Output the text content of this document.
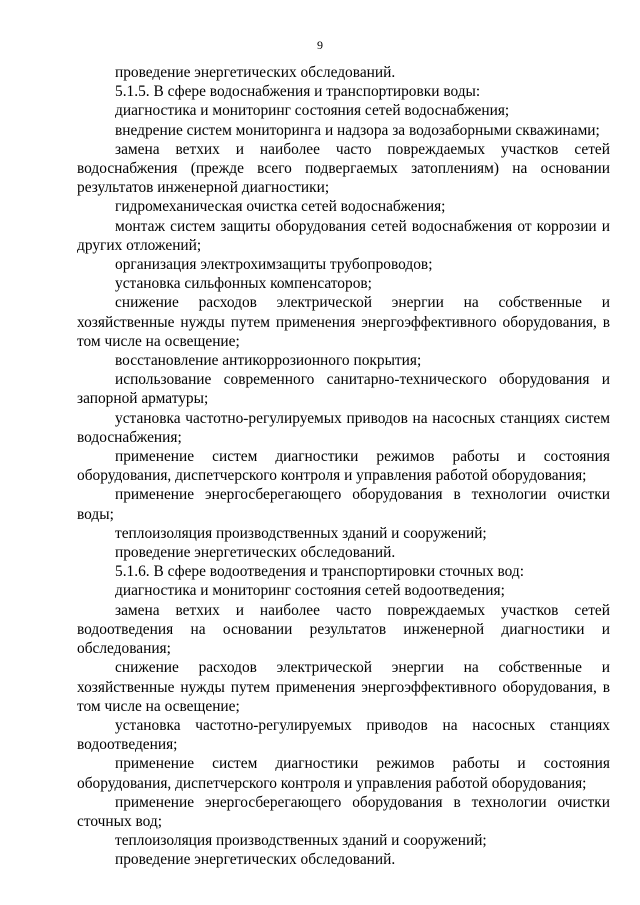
9

проведение энергетических обследований.

5.1.5. В сфере водоснабжения и транспортировки воды:

диагностика и мониторинг состояния сетей водоснабжения;

внедрение систем мониторинга и надзора за водозаборными скважинами;

замена ветхих и наиболее часто повреждаемых участков сетей водоснабжения (прежде всего подвергаемых затоплениям) на основании результатов инженерной диагностики;

гидромеханическая очистка сетей водоснабжения;

монтаж систем защиты оборудования сетей водоснабжения от коррозии и других отложений;

организация электрохимзащиты трубопроводов;

установка сильфонных компенсаторов;

снижение расходов электрической энергии на собственные и хозяйственные нужды путем применения энергоэффективного оборудования, в том числе на освещение;

восстановление антикоррозионного покрытия;

использование современного санитарно-технического оборудования и запорной арматуры;

установка частотно-регулируемых приводов на насосных станциях систем водоснабжения;

применение систем диагностики режимов работы и состояния оборудования, диспетчерского контроля и управления работой оборудования;

применение энергосберегающего оборудования в технологии очистки воды;

теплоизоляция производственных зданий и сооружений;

проведение энергетических обследований.

5.1.6. В сфере водоотведения и транспортировки сточных вод:

диагностика и мониторинг состояния сетей водоотведения;

замена ветхих и наиболее часто повреждаемых участков сетей водоотведения на основании результатов инженерной диагностики и обследования;

снижение расходов электрической энергии на собственные и хозяйственные нужды путем применения энергоэффективного оборудования, в том числе на освещение;

установка частотно-регулируемых приводов на насосных станциях водоотведения;

применение систем диагностики режимов работы и состояния оборудования, диспетчерского контроля и управления работой оборудования;

применение энергосберегающего оборудования в технологии очистки сточных вод;

теплоизоляция производственных зданий и сооружений;

проведение энергетических обследований.
